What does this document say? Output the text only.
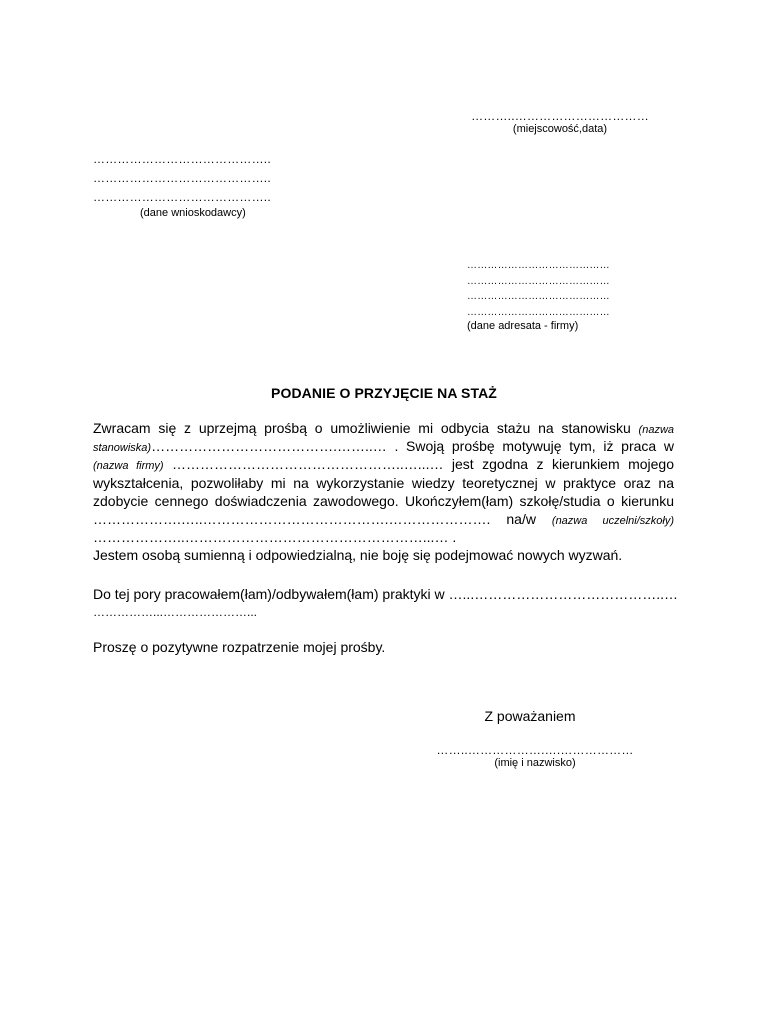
………..……………………………
(miejscowość,data)
……………………………………..
……………………………………..
……………………………………..
(dane wnioskodawcy)
……………………………………
……………………………………
……………………………………
……………………………………
(dane adresata - firmy)
PODANIE O PRZYJĘCIE NA STAŻ
Zwracam się z uprzejmą prośbą o umożliwienie mi odbycia stażu na stanowisku (nazwa
stanowiska)………………………………….……..… . Swoją prośbę motywuję tym, iż praca w
(nazwa firmy) …………………………………………..…...… jest zgodna z kierunkiem mojego
wykształcenia, pozwoliłaby mi na wykorzystanie wiedzy teoretycznej w praktyce oraz na
zdobycie cennego doświadczenia zawodowego. Ukończyłem(łam) szkołę/studia o kierunku
……………….…..………………………………….…………………. na/w (nazwa uczelni/szkoły)
………………..……………………………………………...… .
Jestem osobą sumienną i odpowiedzialną, nie boję się podejmować nowych wyzwań.
Do tej pory pracowałem(łam)/odbywałem(łam) praktyki w …...…………………………………..…
……………...…………………...
Proszę o pozytywne rozpatrzenie mojej prośby.
Z poważaniem
……..……………….….………………
(imię i nazwisko)
